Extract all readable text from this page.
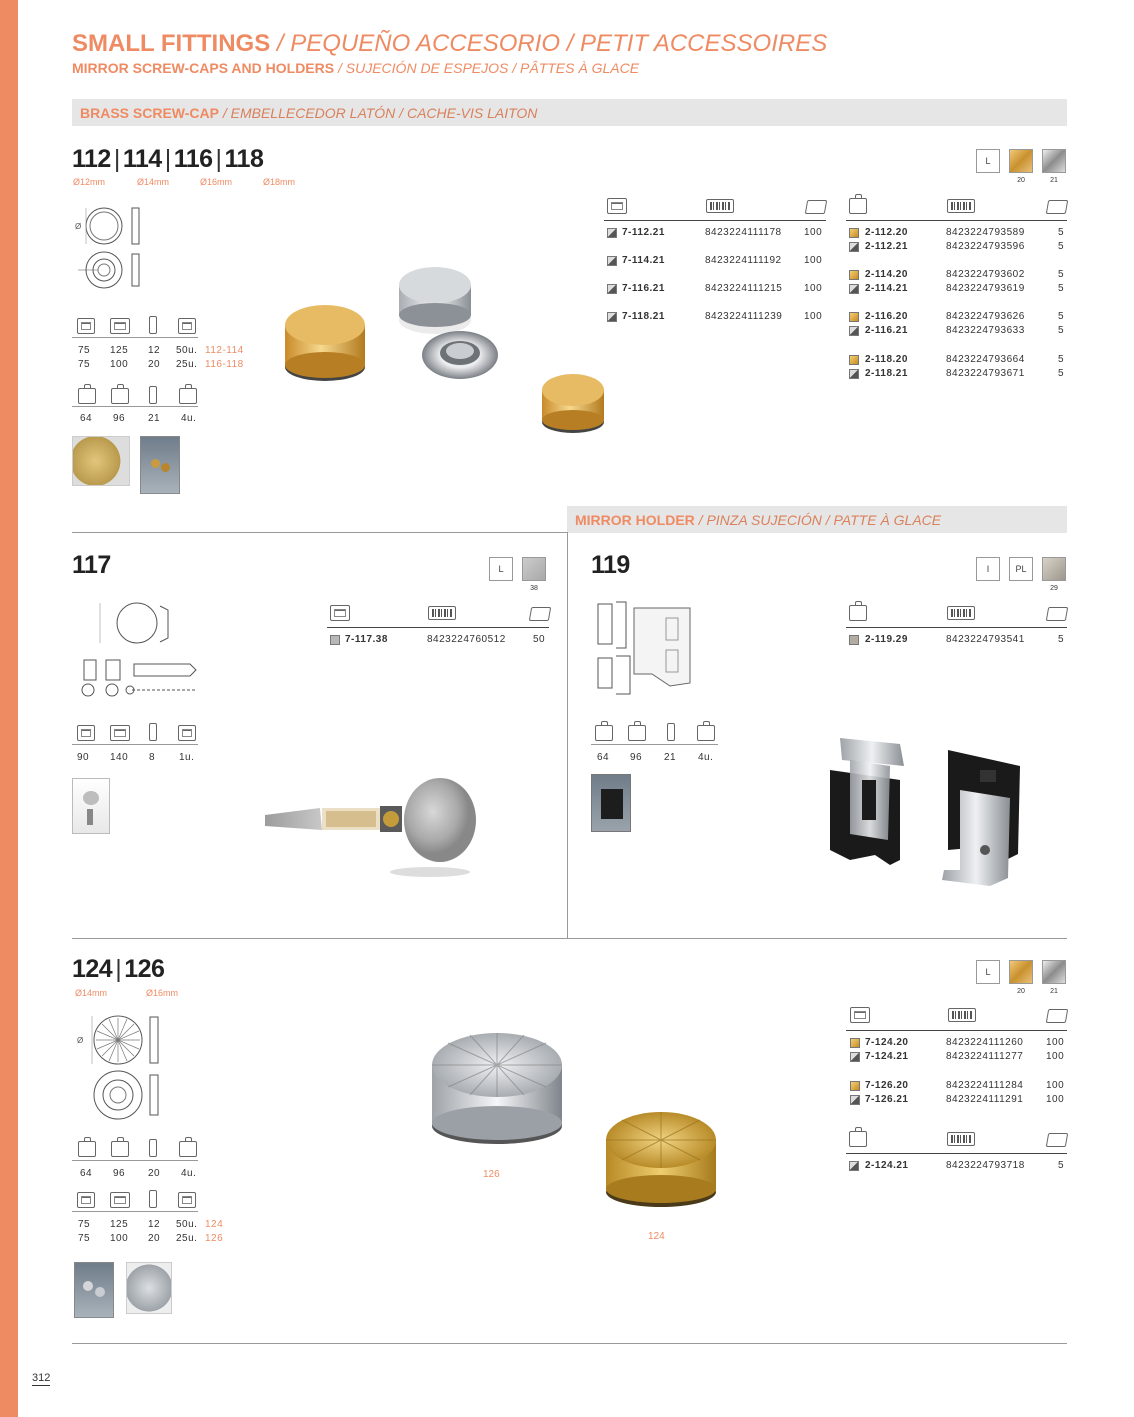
SMALL FITTINGS / PEQUEÑO ACCESORIO / PETIT ACCESSOIRES
MIRROR SCREW-CAPS AND HOLDERS / SUJECIÓN DE ESPEJOS / PÂTTES À GLACE
BRASS SCREW-CAP / EMBELLECEDOR LATÓN / CACHE-VIS LAITON
112 | 114 | 116 | 118
Ø12mm	Ø14mm	Ø16mm	Ø18mm
L
20	21
Ø
75 125 12 50u. 112-114
75 100 20 25u. 116-118
64 96 21 4u.
7-112.21	8423224111178 100
7-114.21	8423224111192 100
7-116.21	8423224111215 100
7-118.21	8423224111239 100
2-112.20	8423224793589	5
2-112.21	8423224793596	5
2-114.20	8423224793602	5
2-114.21	8423224793619	5
2-116.20	8423224793626	5
2-116.21	8423224793633	5
2-118.20	8423224793664	5
2-118.21	8423224793671	5
MIRROR HOLDER / PINZA SUJECIÓN / PATTE À GLACE
117	L
38
90 140 8 1u.
7-117.38	8423224760512	50
119	I	PL
29
64 96 21 4u.
2-119.29	8423224793541	5
124 | 126
Ø14mm	Ø16mm
L
20	21
Ø
64 96 20 4u.
75 125 12 50u. 124
75 100 20 25u. 126
126
124
7-124.20	8423224111260 100
7-124.21	8423224111277 100
7-126.20	8423224111284 100
7-126.21	8423224111291 100
2-124.21	8423224793718	5
312
